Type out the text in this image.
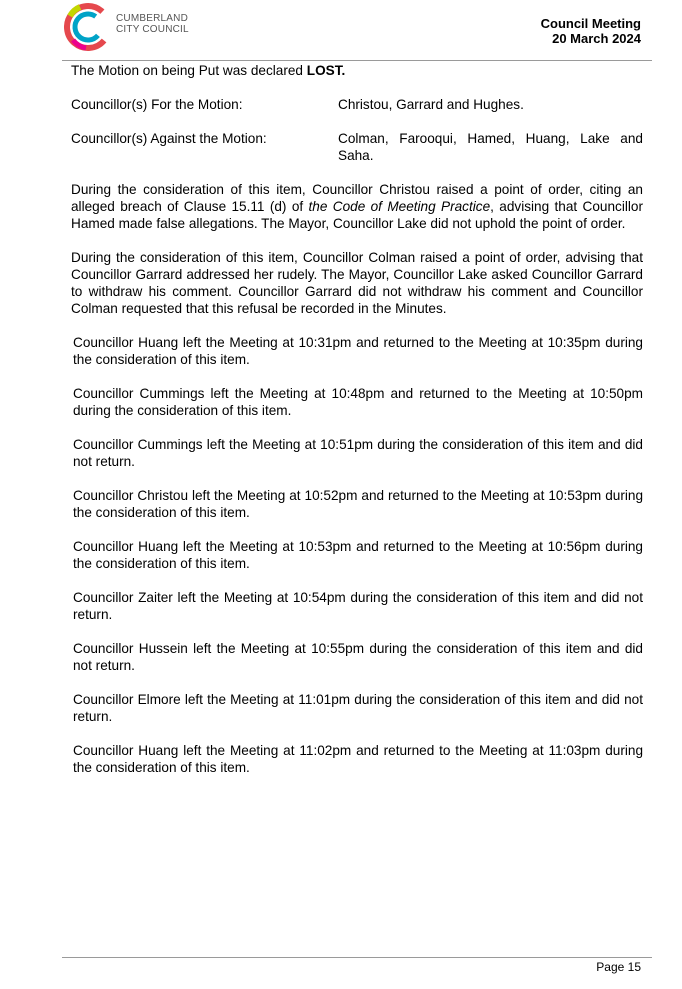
CUMBERLAND
CITY COUNCIL	Council Meeting
20 March 2024

The Motion on being Put was declared LOST.

Councillor(s) For the Motion:	Christou, Garrard and Hughes.
Councillor(s) Against the Motion:	Colman, Farooqui, Hamed, Huang, Lake and Saha.

During the consideration of this item, Councillor Christou raised a point of order, citing an alleged breach of Clause 15.11 (d) of the Code of Meeting Practice, advising that Councillor Hamed made false allegations. The Mayor, Councillor Lake did not uphold the point of order.

During the consideration of this item, Councillor Colman raised a point of order, advising that Councillor Garrard addressed her rudely. The Mayor, Councillor Lake asked Councillor Garrard to withdraw his comment. Councillor Garrard did not withdraw his comment and Councillor Colman requested that this refusal be recorded in the Minutes.

Councillor Huang left the Meeting at 10:31pm and returned to the Meeting at 10:35pm during the consideration of this item.

Councillor Cummings left the Meeting at 10:48pm and returned to the Meeting at 10:50pm during the consideration of this item.

Councillor Cummings left the Meeting at 10:51pm during the consideration of this item and did not return.

Councillor Christou left the Meeting at 10:52pm and returned to the Meeting at 10:53pm during the consideration of this item.

Councillor Huang left the Meeting at 10:53pm and returned to the Meeting at 10:56pm during the consideration of this item.

Councillor Zaiter left the Meeting at 10:54pm during the consideration of this item and did not return.

Councillor Hussein left the Meeting at 10:55pm during the consideration of this item and did not return.

Councillor Elmore left the Meeting at 11:01pm during the consideration of this item and did not return.

Councillor Huang left the Meeting at 11:02pm and returned to the Meeting at 11:03pm during the consideration of this item.

Page 15
